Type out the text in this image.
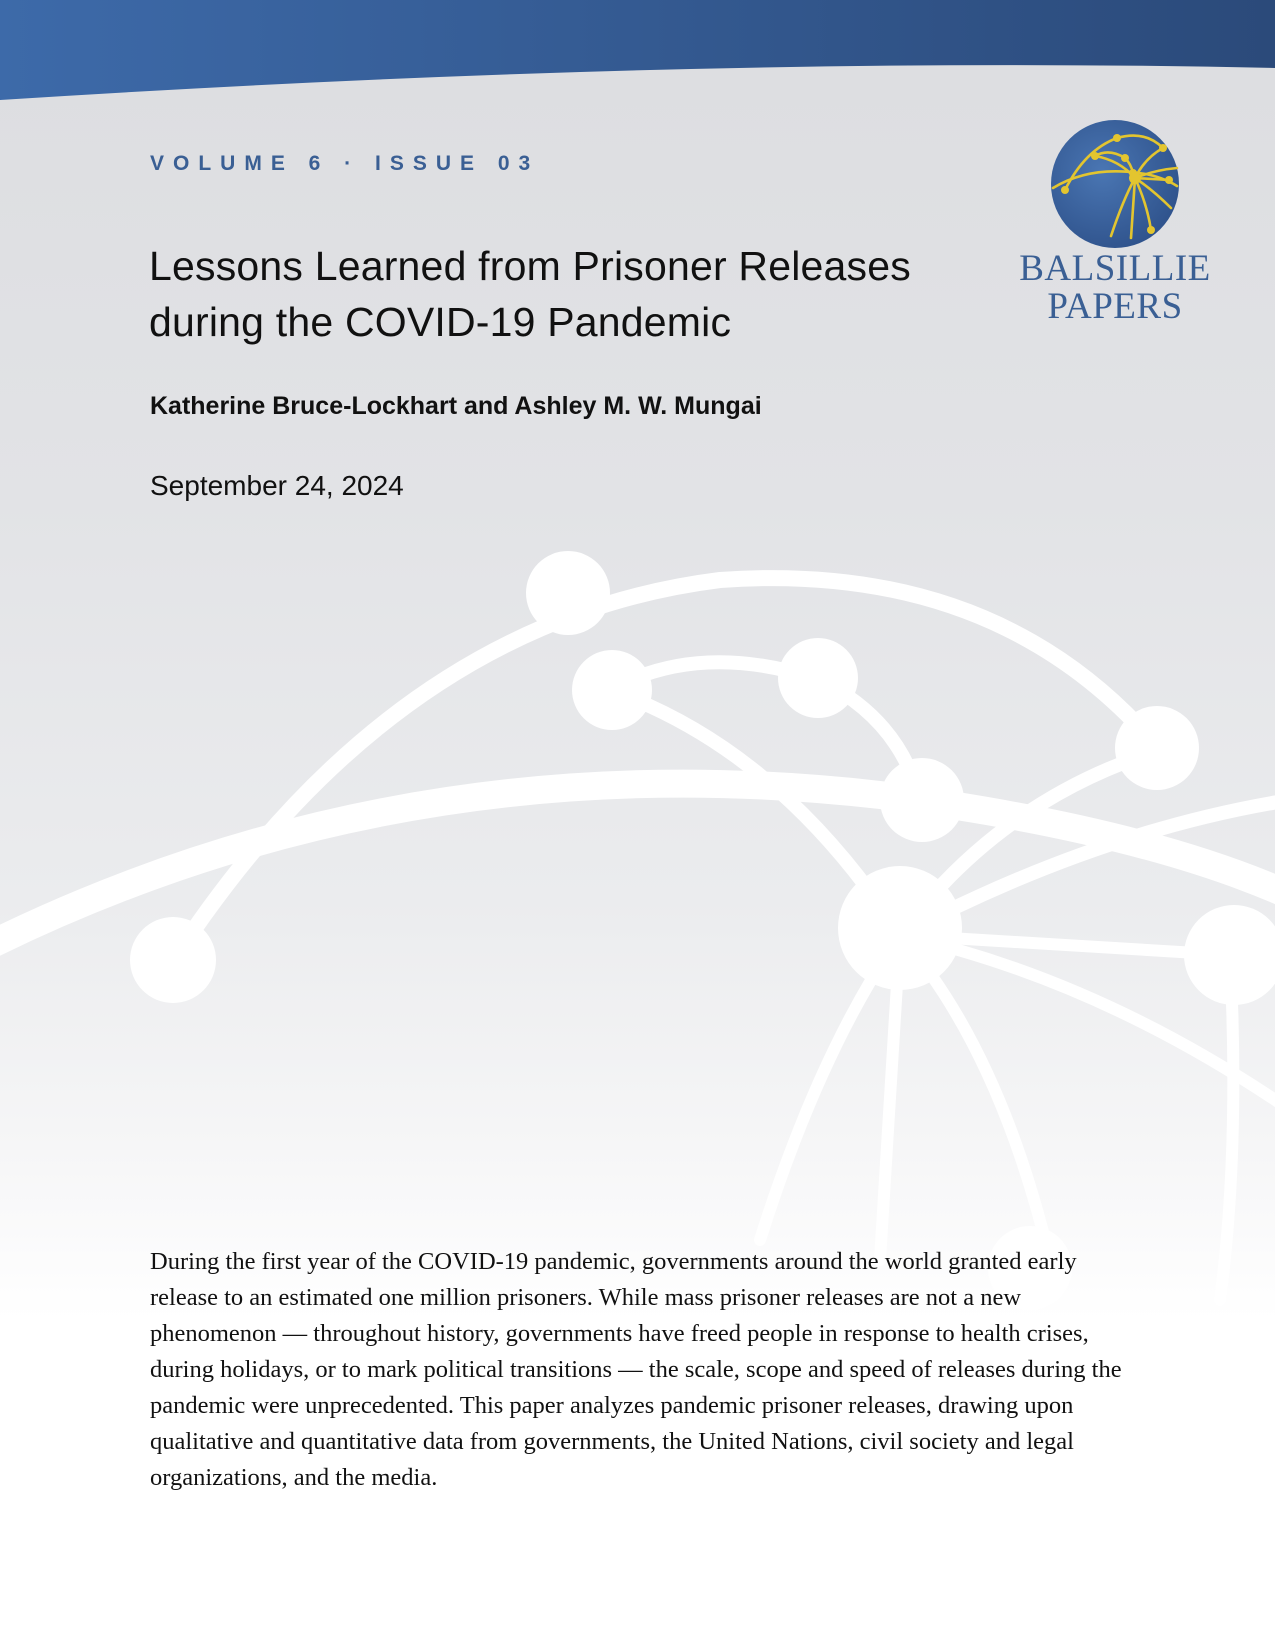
VOLUME 6 · ISSUE 03
Lessons Learned from Prisoner Releases during the COVID-19 Pandemic
Katherine Bruce-Lockhart and Ashley M. W. Mungai
September 24, 2024
BALSILLIE
PAPERS

During the first year of the COVID-19 pandemic, governments around the world granted early release to an estimated one million prisoners. While mass prisoner releases are not a new phenomenon — throughout history, governments have freed people in response to health crises, during holidays, or to mark political transitions — the scale, scope and speed of releases during the pandemic were unprecedented. This paper analyzes pandemic prisoner releases, drawing upon qualitative and quantitative data from governments, the United Nations, civil society and legal organizations, and the media.
